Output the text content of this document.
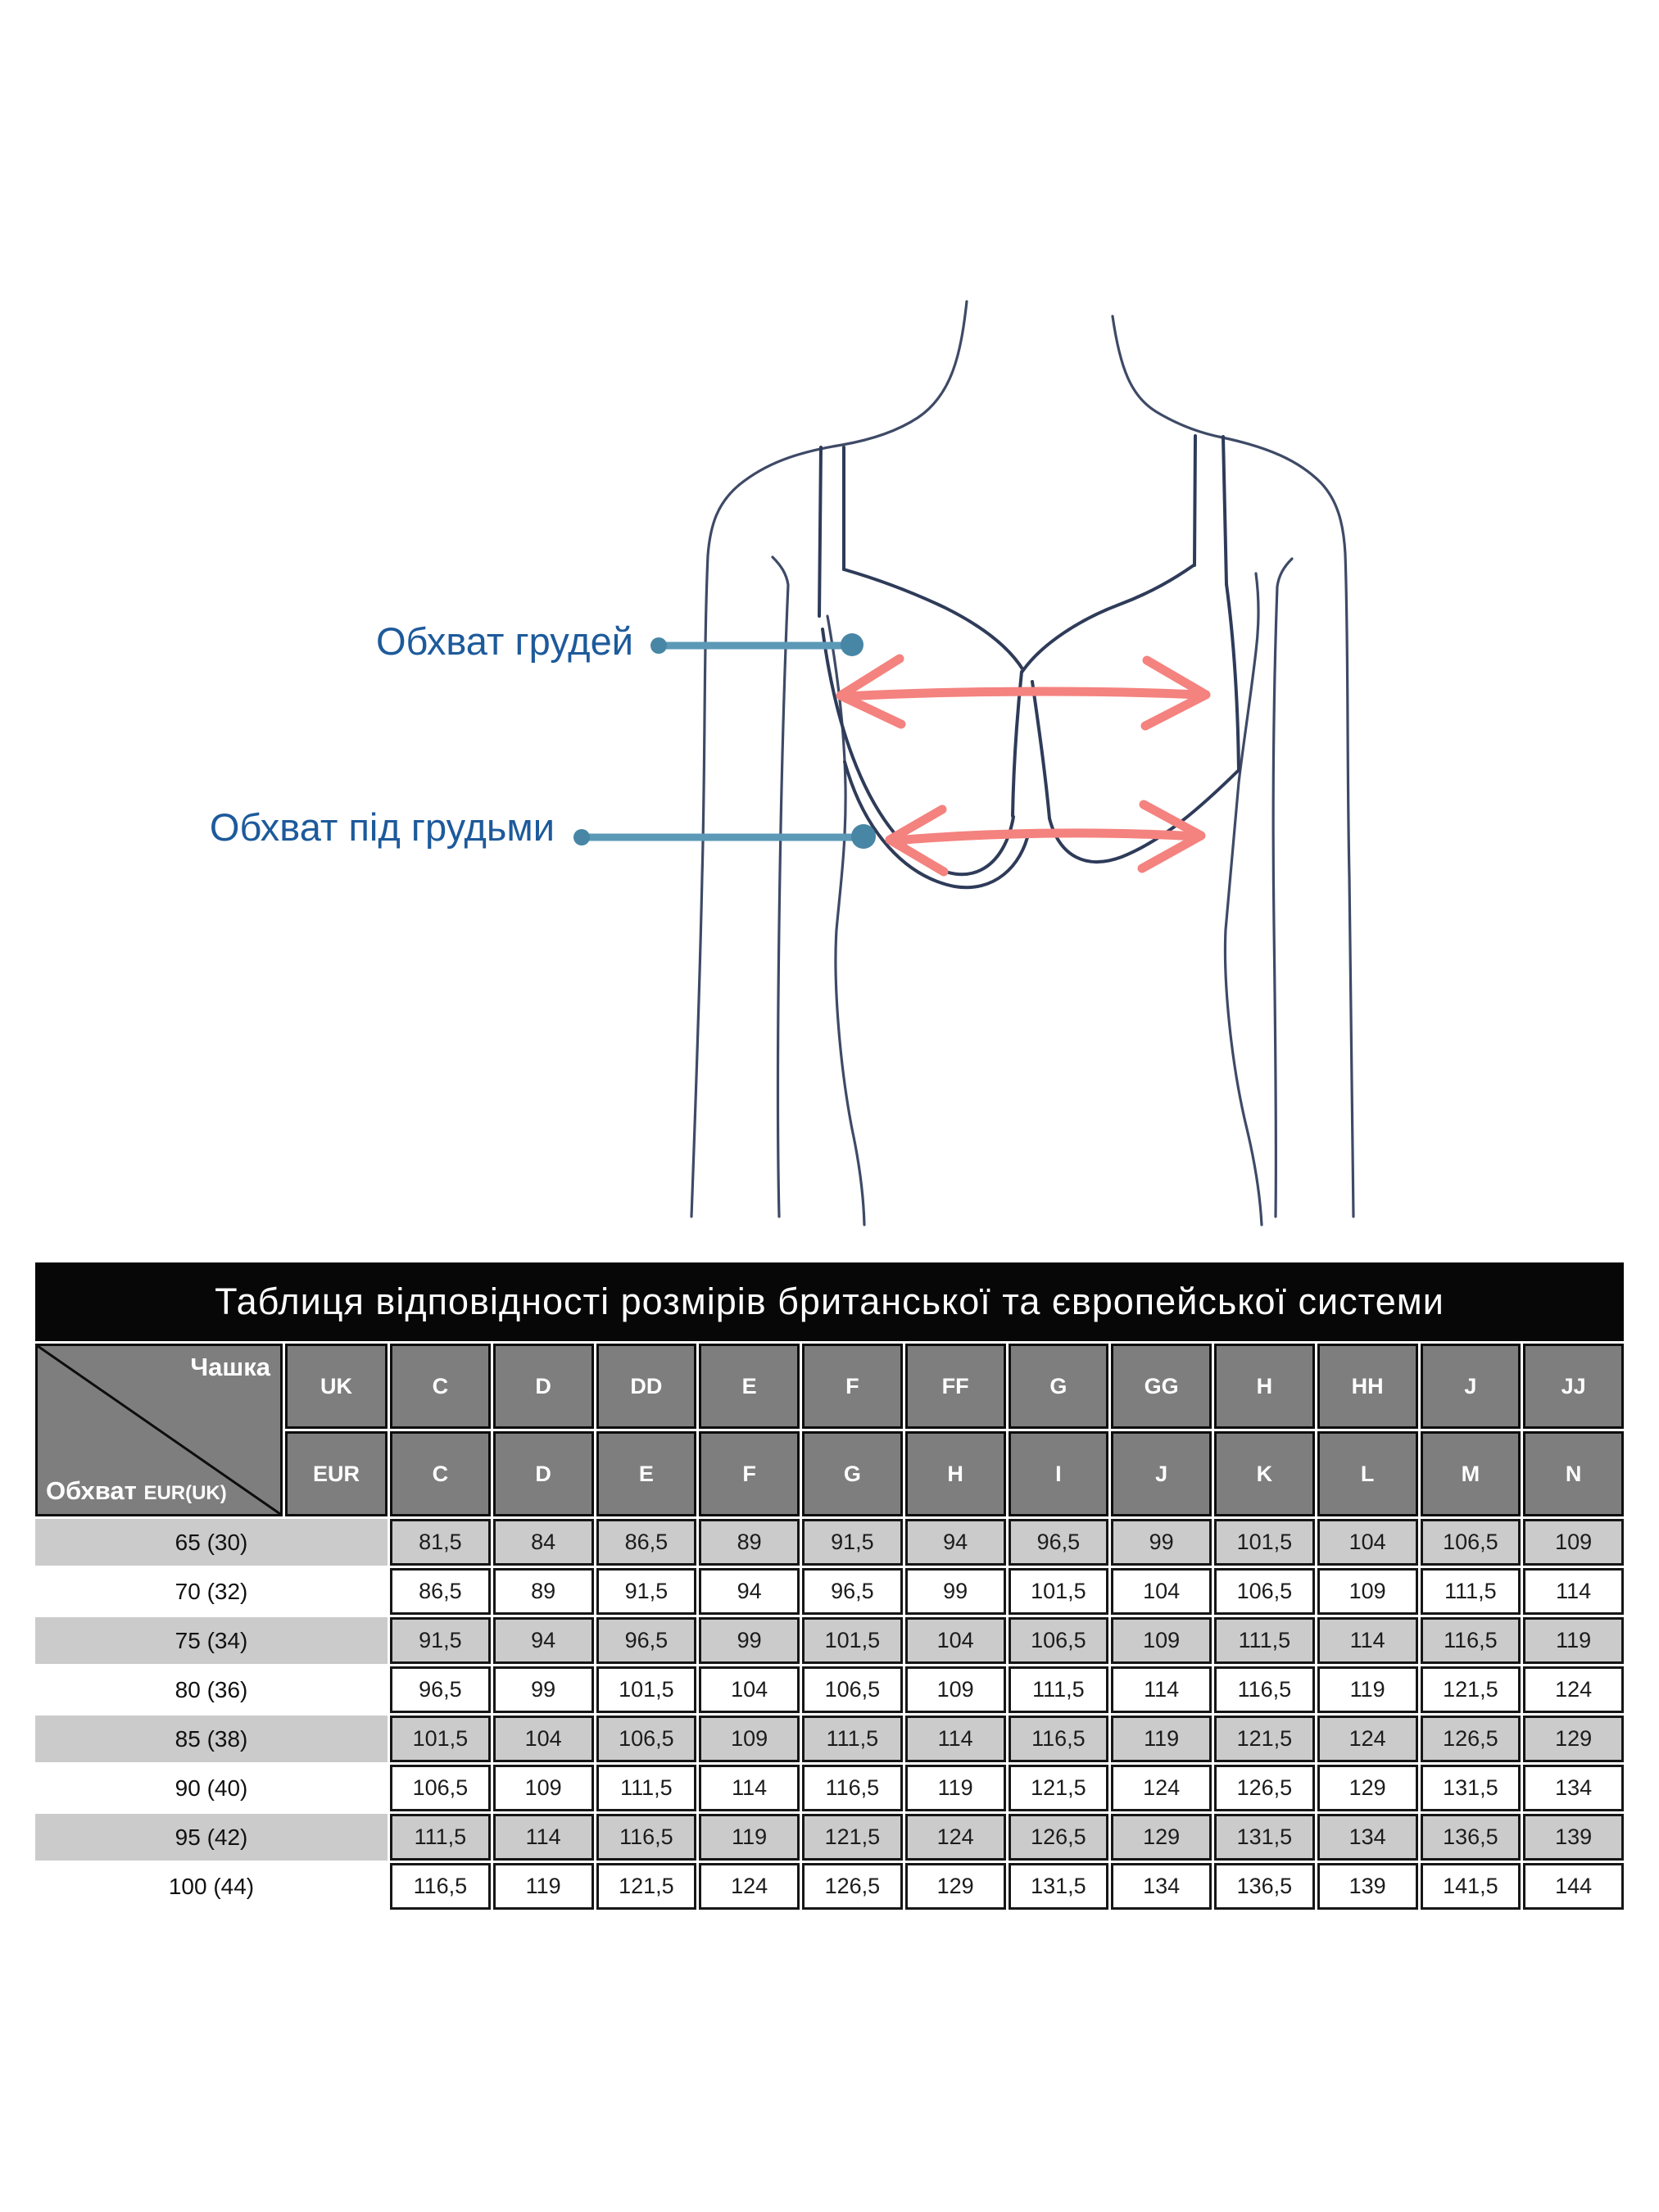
Обхват грудей
Обхват під грудьми
Таблиця відповідності розмірів британської та європейської системи													

Чашка
Обхват EUR(UK)	UK	C	D	DD	E	F	FF	G	GG	H	HH	J	JJ
	EUR	C	D	E	F	G	H	I	J	K	L	M	N
65 (30)		81,5	84	86,5	89	91,5	94	96,5	99	101,5	104	106,5	109
70 (32)		86,5	89	91,5	94	96,5	99	101,5	104	106,5	109	111,5	114
75 (34)		91,5	94	96,5	99	101,5	104	106,5	109	111,5	114	116,5	119
80 (36)		96,5	99	101,5	104	106,5	109	111,5	114	116,5	119	121,5	124
85 (38)		101,5	104	106,5	109	111,5	114	116,5	119	121,5	124	126,5	129
90 (40)		106,5	109	111,5	114	116,5	119	121,5	124	126,5	129	131,5	134
95 (42)		111,5	114	116,5	119	121,5	124	126,5	129	131,5	134	136,5	139
100 (44)		116,5	119	121,5	124	126,5	129	131,5	134	136,5	139	141,5	144
